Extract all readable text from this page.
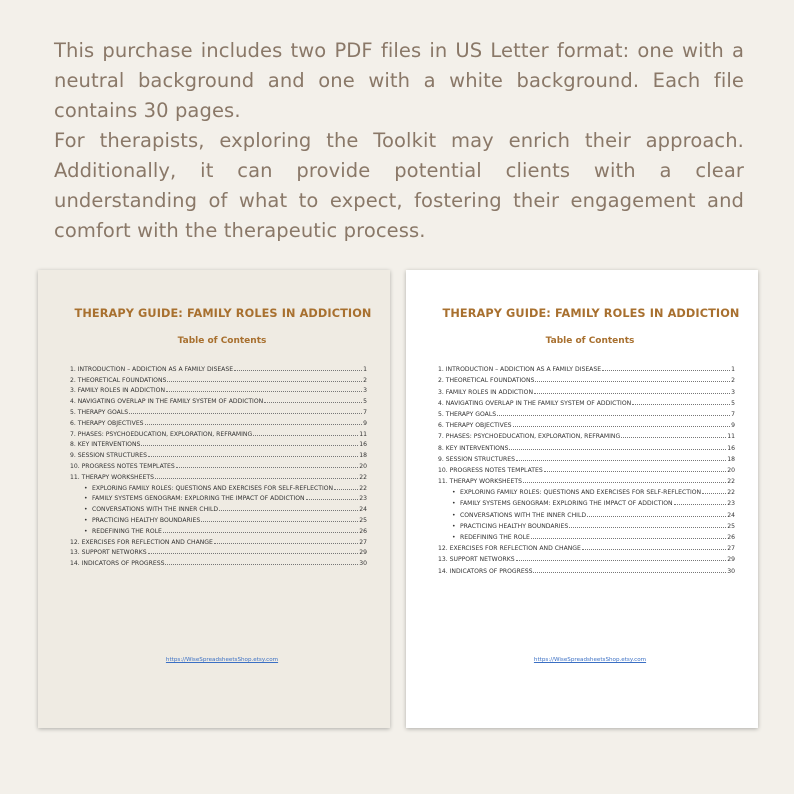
This purchase includes two PDF files in US Letter format: one with a neutral background and one with a white background. Each file contains 30 pages.

For therapists, exploring the Toolkit may enrich their approach. Additionally, it can provide potential clients with a clear understanding of what to expect, fostering their engagement and comfort with the therapeutic process.

THERAPY GUIDE: FAMILY ROLES IN ADDICTION
Table of Contents
1. INTRODUCTION – ADDICTION AS A FAMILY DISEASE	1
2. THEORETICAL FOUNDATIONS	2
3. FAMILY ROLES IN ADDICTION	3
4. NAVIGATING OVERLAP IN THE FAMILY SYSTEM OF ADDICTION	5
5. THERAPY GOALS	7
6. THERAPY OBJECTIVES	9
7. PHASES: PSYCHOEDUCATION, EXPLORATION, REFRAMING	11
8. KEY INTERVENTIONS	16
9. SESSION STRUCTURES	18
10. PROGRESS NOTES TEMPLATES	20
11. THERAPY WORKSHEETS	22
• EXPLORING FAMILY ROLES: QUESTIONS AND EXERCISES FOR SELF-REFLECTION	22
• FAMILY SYSTEMS GENOGRAM: EXPLORING THE IMPACT OF ADDICTION	23
• CONVERSATIONS WITH THE INNER CHILD	24
• PRACTICING HEALTHY BOUNDARIES	25
• REDEFINING THE ROLE	26
12. EXERCISES FOR REFLECTION AND CHANGE	27
13. SUPPORT NETWORKS	29
14. INDICATORS OF PROGRESS	30
https://WiseSpreadsheetsShop.etsy.com
THERAPY GUIDE: FAMILY ROLES IN ADDICTION
Table of Contents
1. INTRODUCTION – ADDICTION AS A FAMILY DISEASE	1
2. THEORETICAL FOUNDATIONS	2
3. FAMILY ROLES IN ADDICTION	3
4. NAVIGATING OVERLAP IN THE FAMILY SYSTEM OF ADDICTION	5
5. THERAPY GOALS	7
6. THERAPY OBJECTIVES	9
7. PHASES: PSYCHOEDUCATION, EXPLORATION, REFRAMING	11
8. KEY INTERVENTIONS	16
9. SESSION STRUCTURES	18
10. PROGRESS NOTES TEMPLATES	20
11. THERAPY WORKSHEETS	22
• EXPLORING FAMILY ROLES: QUESTIONS AND EXERCISES FOR SELF-REFLECTION	22
• FAMILY SYSTEMS GENOGRAM: EXPLORING THE IMPACT OF ADDICTION	23
• CONVERSATIONS WITH THE INNER CHILD	24
• PRACTICING HEALTHY BOUNDARIES	25
• REDEFINING THE ROLE	26
12. EXERCISES FOR REFLECTION AND CHANGE	27
13. SUPPORT NETWORKS	29
14. INDICATORS OF PROGRESS	30
https://WiseSpreadsheetsShop.etsy.com
